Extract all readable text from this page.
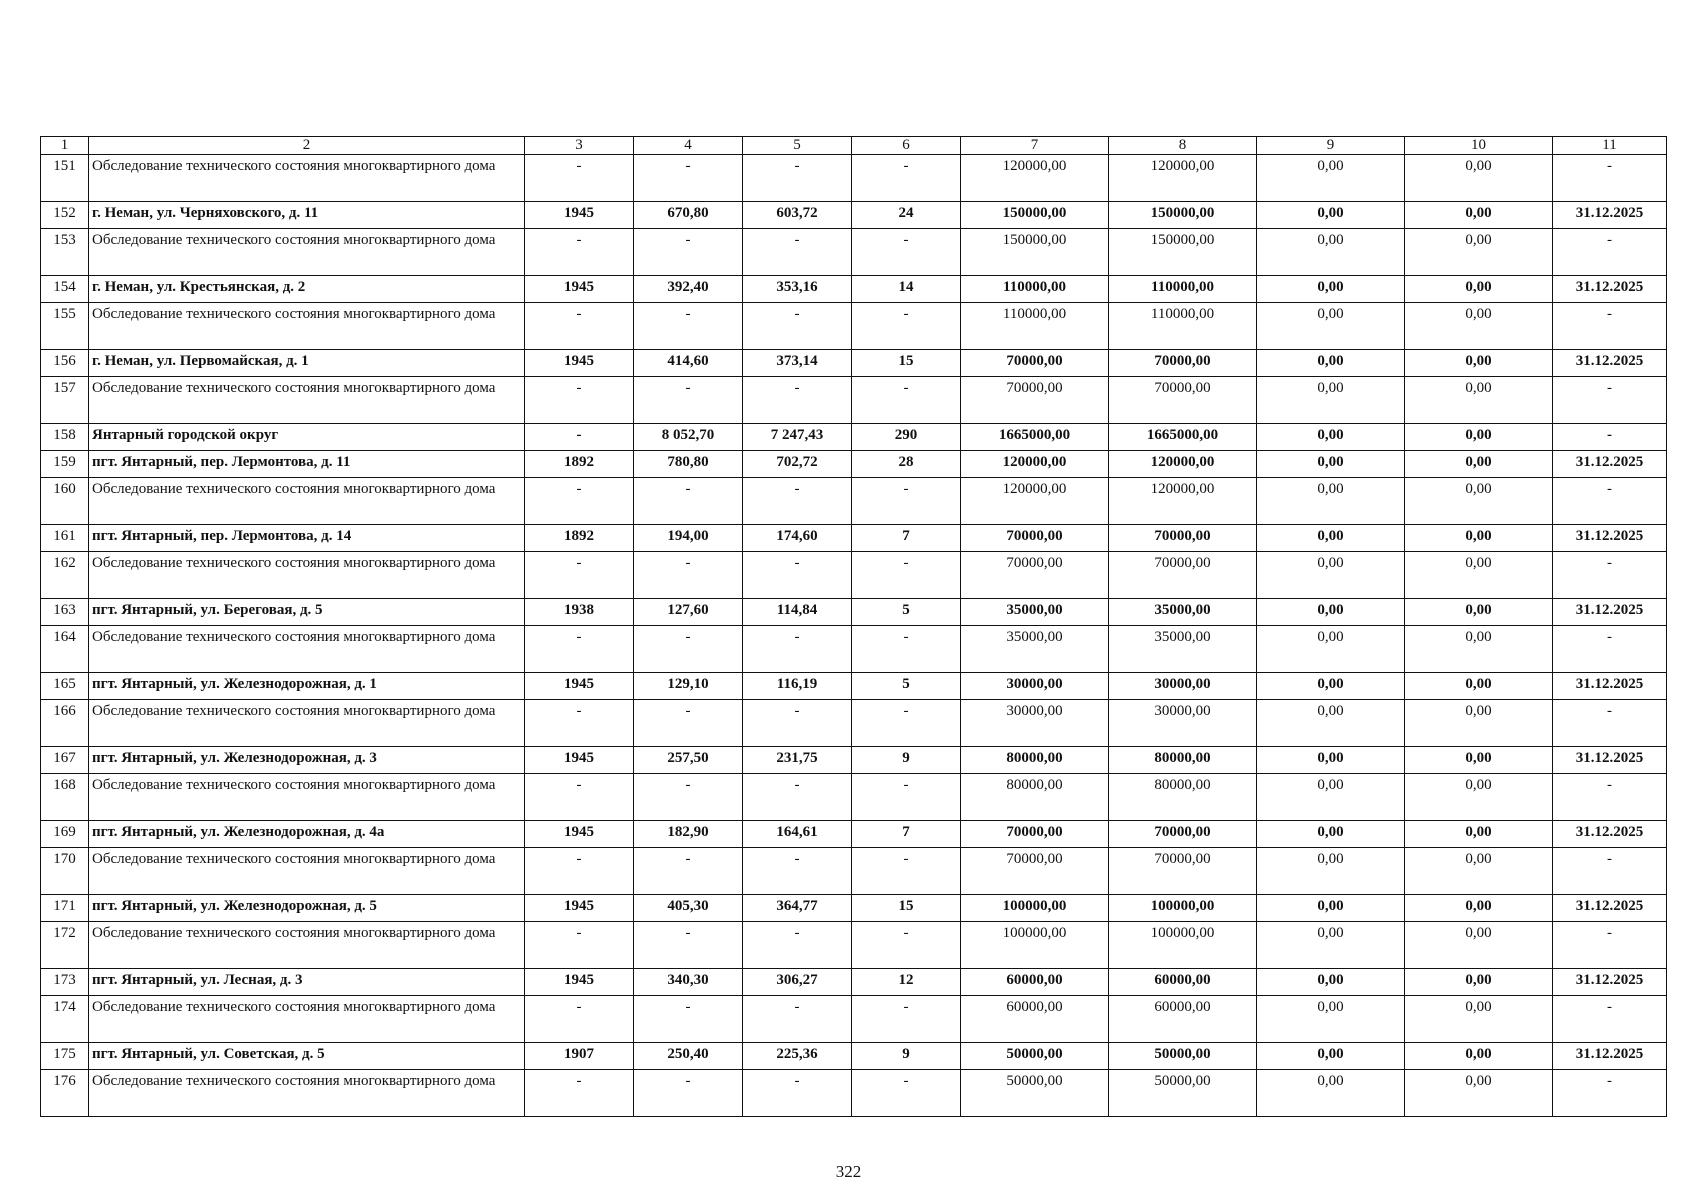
1	2	3	4	5	6	7	8	9	10	11
151	Обследование технического состояния многоквартирного дома	-	-	-	-	120000,00	120000,00	0,00	0,00	-
152	г. Неман, ул. Черняховского, д. 11	1945	670,80	603,72	24	150000,00	150000,00	0,00	0,00	31.12.2025
153	Обследование технического состояния многоквартирного дома	-	-	-	-	150000,00	150000,00	0,00	0,00	-
154	г. Неман, ул. Крестьянская, д. 2	1945	392,40	353,16	14	110000,00	110000,00	0,00	0,00	31.12.2025
155	Обследование технического состояния многоквартирного дома	-	-	-	-	110000,00	110000,00	0,00	0,00	-
156	г. Неман, ул. Первомайская, д. 1	1945	414,60	373,14	15	70000,00	70000,00	0,00	0,00	31.12.2025
157	Обследование технического состояния многоквартирного дома	-	-	-	-	70000,00	70000,00	0,00	0,00	-
158	Янтарный городской округ	-	8 052,70	7 247,43	290	1665000,00	1665000,00	0,00	0,00	-
159	пгт. Янтарный, пер. Лермонтова, д. 11	1892	780,80	702,72	28	120000,00	120000,00	0,00	0,00	31.12.2025
160	Обследование технического состояния многоквартирного дома	-	-	-	-	120000,00	120000,00	0,00	0,00	-
161	пгт. Янтарный, пер. Лермонтова, д. 14	1892	194,00	174,60	7	70000,00	70000,00	0,00	0,00	31.12.2025
162	Обследование технического состояния многоквартирного дома	-	-	-	-	70000,00	70000,00	0,00	0,00	-
163	пгт. Янтарный, ул. Береговая, д. 5	1938	127,60	114,84	5	35000,00	35000,00	0,00	0,00	31.12.2025
164	Обследование технического состояния многоквартирного дома	-	-	-	-	35000,00	35000,00	0,00	0,00	-
165	пгт. Янтарный, ул. Железнодорожная, д. 1	1945	129,10	116,19	5	30000,00	30000,00	0,00	0,00	31.12.2025
166	Обследование технического состояния многоквартирного дома	-	-	-	-	30000,00	30000,00	0,00	0,00	-
167	пгт. Янтарный, ул. Железнодорожная, д. 3	1945	257,50	231,75	9	80000,00	80000,00	0,00	0,00	31.12.2025
168	Обследование технического состояния многоквартирного дома	-	-	-	-	80000,00	80000,00	0,00	0,00	-
169	пгт. Янтарный, ул. Железнодорожная, д. 4а	1945	182,90	164,61	7	70000,00	70000,00	0,00	0,00	31.12.2025
170	Обследование технического состояния многоквартирного дома	-	-	-	-	70000,00	70000,00	0,00	0,00	-
171	пгт. Янтарный, ул. Железнодорожная, д. 5	1945	405,30	364,77	15	100000,00	100000,00	0,00	0,00	31.12.2025
172	Обследование технического состояния многоквартирного дома	-	-	-	-	100000,00	100000,00	0,00	0,00	-
173	пгт. Янтарный, ул. Лесная, д. 3	1945	340,30	306,27	12	60000,00	60000,00	0,00	0,00	31.12.2025
174	Обследование технического состояния многоквартирного дома	-	-	-	-	60000,00	60000,00	0,00	0,00	-
175	пгт. Янтарный, ул. Советская, д. 5	1907	250,40	225,36	9	50000,00	50000,00	0,00	0,00	31.12.2025
176	Обследование технического состояния многоквартирного дома	-	-	-	-	50000,00	50000,00	0,00	0,00	-
322
